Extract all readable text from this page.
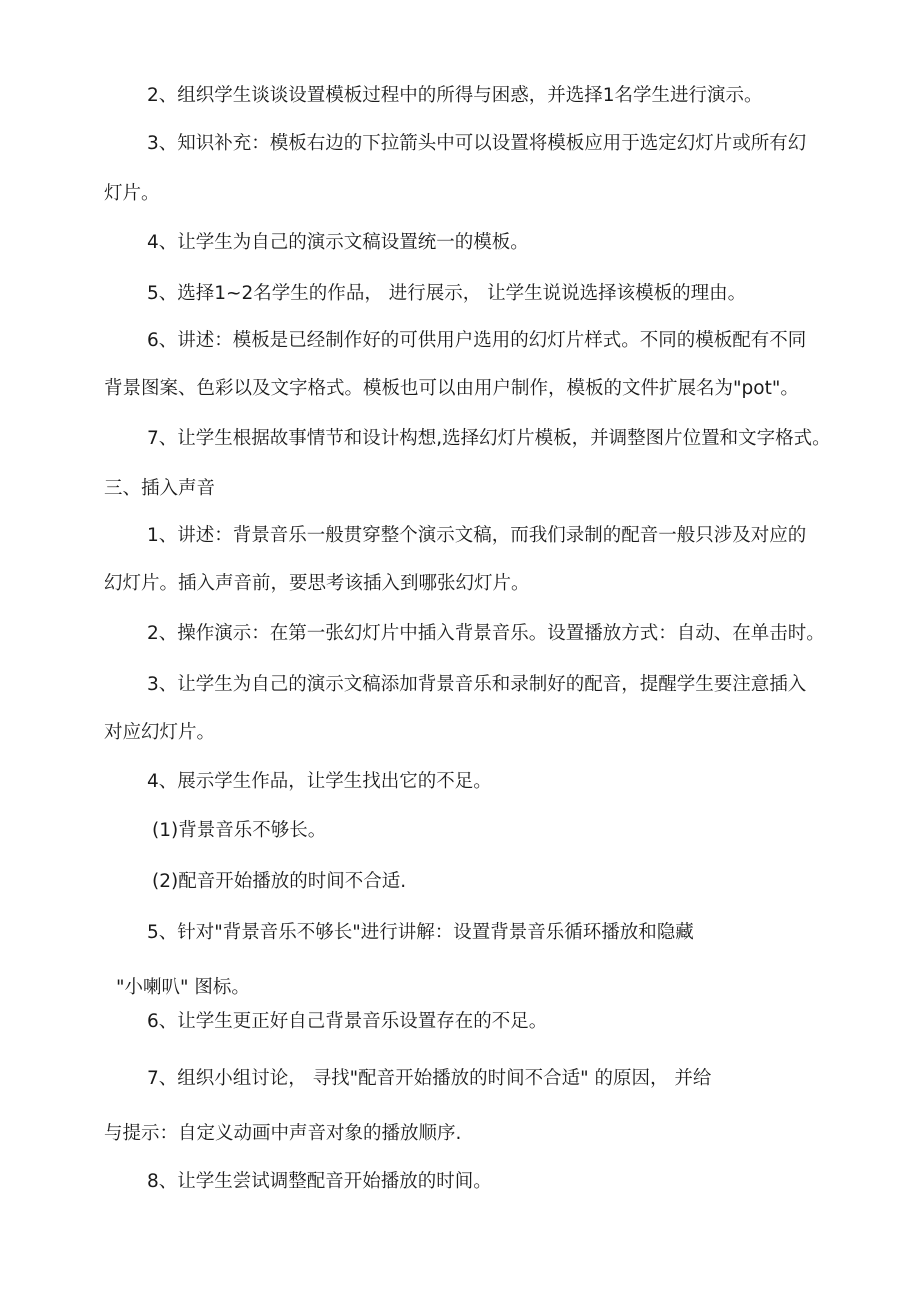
2、组织学生谈谈设置模板过程中的所得与困惑，并选择1名学生进行演示。
3、知识补充：模板右边的下拉箭头中可以设置将模板应用于选定幻灯片或所有幻
灯片。
4、让学生为自己的演示文稿设置统一的模板。
5、选择1~2名学生的作品， 进行展示， 让学生说说选择该模板的理由。
6、讲述：模板是已经制作好的可供用户选用的幻灯片样式。不同的模板配有不同
背景图案、色彩以及文字格式。模板也可以由用户制作，模板的文件扩展名为"pot"。
7、让学生根据故事情节和设计构想,选择幻灯片模板，并调整图片位置和文字格式。
三、插入声音
1、讲述：背景音乐一般贯穿整个演示文稿，而我们录制的配音一般只涉及对应的
幻灯片。插入声音前，要思考该插入到哪张幻灯片。
2、操作演示：在第一张幻灯片中插入背景音乐。设置播放方式：自动、在单击时。
3、让学生为自己的演示文稿添加背景音乐和录制好的配音，提醒学生要注意插入
对应幻灯片。
4、展示学生作品，让学生找出它的不足。
(1)背景音乐不够长。
(2)配音开始播放的时间不合适.
5、针对"背景音乐不够长"进行讲解：设置背景音乐循环播放和隐藏
"小喇叭" 图标。
6、让学生更正好自己背景音乐设置存在的不足。
7、组织小组讨论， 寻找"配音开始播放的时间不合适" 的原因， 并给
与提示：自定义动画中声音对象的播放顺序.
8、让学生尝试调整配音开始播放的时间。
